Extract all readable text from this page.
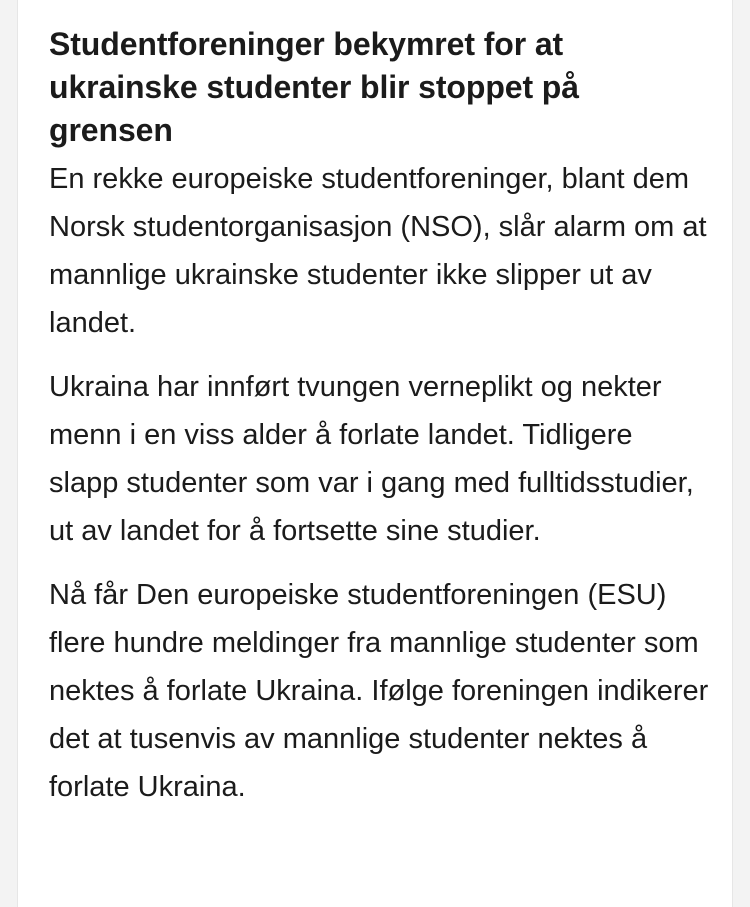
Studentforeninger bekymret for at ukrainske studenter blir stoppet på grensen

En rekke europeiske studentforeninger, blant dem Norsk studentorganisasjon (NSO), slår alarm om at mannlige ukrainske studenter ikke slipper ut av landet.

Ukraina har innført tvungen verneplikt og nekter menn i en viss alder å forlate landet. Tidligere slapp studenter som var i gang med fulltidsstudier, ut av landet for å fortsette sine studier.

Nå får Den europeiske studentforeningen (ESU) flere hundre meldinger fra mannlige studenter som nektes å forlate Ukraina. Ifølge foreningen indikerer det at tusenvis av mannlige studenter nektes å forlate Ukraina.
